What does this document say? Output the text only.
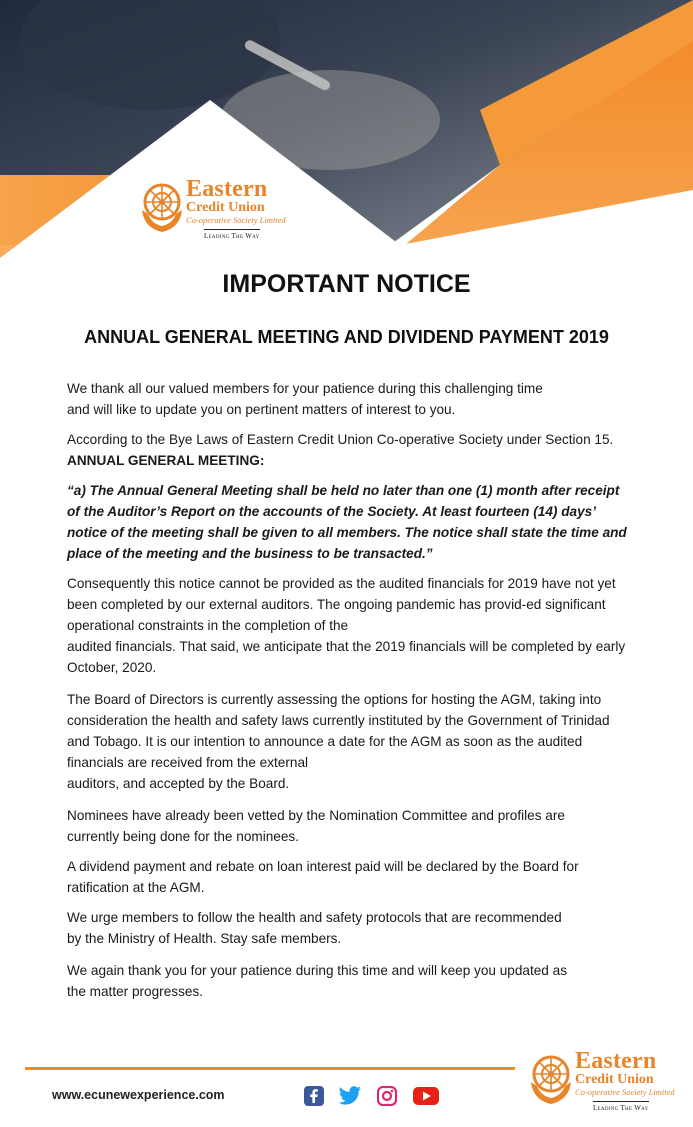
Eastern
Credit Union
Co-operative Society Limited
Leading The Way
IMPORTANT NOTICE
ANNUAL GENERAL MEETING AND DIVIDEND PAYMENT 2019

We thank all our valued members for your patience during this challenging time and will like to update you on pertinent matters of interest to you.

According to the Bye Laws of Eastern Credit Union Co-operative Society under Section 15. ANNUAL GENERAL MEETING:

“a) The Annual General Meeting shall be held no later than one (1) month after receipt of the Auditor’s Report on the accounts of the Society. At least fourteen (14) days’ notice of the meeting shall be given to all members. The notice shall state the time and place of the meeting and the business to be transacted.”

Consequently this notice cannot be provided as the audited financials for 2019 have not yet been completed by our external auditors. The ongoing pandemic has provid-ed significant operational constraints in the completion of the
audited financials. That said, we anticipate that the 2019 financials will be completed by early October, 2020.

The Board of Directors is currently assessing the options for hosting the AGM, taking into consideration the health and safety laws currently instituted by the Government of Trinidad and Tobago. It is our intention to announce a date for the AGM as soon as the audited financials are received from the external
auditors, and accepted by the Board.

Nominees have already been vetted by the Nomination Committee and profiles are currently being done for the nominees.

A dividend payment and rebate on loan interest paid will be declared by the Board for ratification at the AGM.

We urge members to follow the health and safety protocols that are recommended by the Ministry of Health. Stay safe members.

We again thank you for your patience during this time and will keep you updated as the matter progresses.

www.ecunewexperience.com
Eastern
Credit Union
Co-operative Society Limited
Leading The Way
